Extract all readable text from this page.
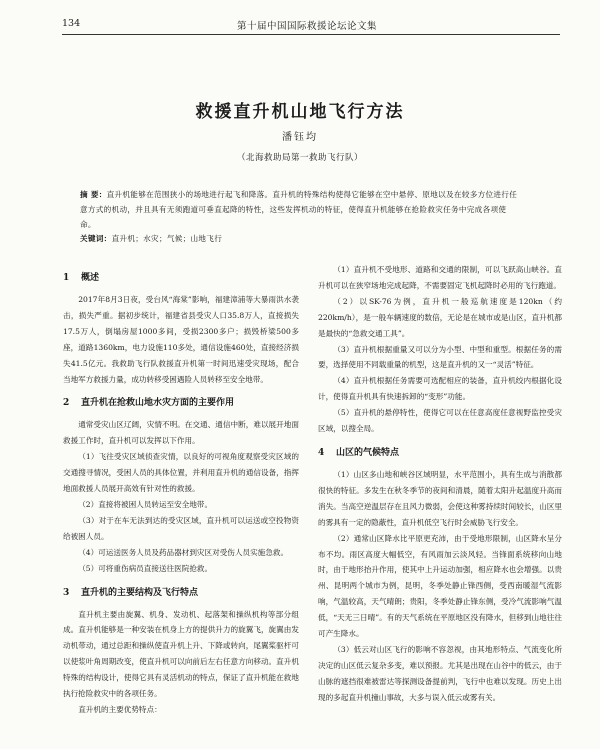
134	第十届中国国际救援论坛论文集
救援直升机山地飞行方法
潘钰均
（北海救助局第一救助飞行队）
摘 要：直升机能够在范围狭小的场地进行起飞和降落。直升机的特殊结构使得它能够在空中悬停、原地以及在较多方位进行任意方式的机动，并且具有无须跑道可垂直起降的特性，这些发挥机动的特征，使得直升机能够在抢险救灾任务中完成各项使命。
关键词：直升机；水灾；气候；山地飞行
1 概述

2017年8月3日夜，受台风“海棠”影响，福建漳浦等大暴雨洪水袭击，损失严重。据初步统计，福建省县受灾人口35.8万人，直接损失17.5万人，倒塌房屋1000多间，受损2300多户；损毁桥梁500多座，道路1360km，电力设施110多处，通信设施460处，直接经济损失41.5亿元。我救助飞行队救援直升机第一时间迅速受灾现场，配合当地军方救援力量，成功转移受困遇险人员转移至安全地带。

2 直升机在抢救山地水灾方面的主要作用

通常受灾山区辽阔，灾情不明。在交通、通信中断，难以展开地面救援工作时，直升机可以发挥以下作用。

（1）飞往受灾区域侦查灾情，以良好的可视角度观察受灾区域的交通搜寻情况，受困人员的具体位置，并利用直升机的通信设备，指挥地面救援人员展开高效有针对性的救援。

（2）直接将被困人员转运至安全地带。

（3）对于在车无法到达的受灾区域，直升机可以运送或空投物资给被困人员。

（4）可运送医务人员及药品器材到灾区对受伤人员实施急救。

（5）可将重伤病员直接送往医院抢救。

3 直升机的主要结构及飞行特点

直升机主要由旋翼、机身、发动机、起落架和操纵机构等部分组成。直升机能够是一种安装在机身上方的提供升力的旋翼飞，旋翼由发动机带动，通过总距和操纵使直升机上升、下降或转向，尾翼桨驱杆可以使浆叶角周期改变，使直升机可以向前后左右任意方向移动。直升机特殊的结构设计，使得它具有灵活机动的特点，保证了直升机能在救地执行抢险救灾中的各项任务。

直升机的主要优势特点：

（1）直升机不受地形、道路和交通的限制，可以飞跃高山峡谷。直升机可以在狭窄场地完成起降，不需要固定飞机起降时必用的飞行跑道。

（2）以SK-76为例，直升机一般巡航速度是120kn（约220km/h），是一般车辆速度的数倍，无论是在城市或是山区，直升机都是最快的“急救交通工具”。

（3）直升机根据重量又可以分为小型、中型和重型。根据任务的需要，选择使用不同载重量的机型，这是直升机的又一“灵活”特征。

（4）直升机根据任务需要可选配相应的装备，直升机绞内根据化设计，使得直升机具有快速拆卸的“变形”功能。

（5）直升机的悬停特性，使得它可以在任意高度任意视野监控受灾区域，以搜全局。

4 山区的气候特点

（1）山区多山地和峡谷区域明显，水平范围小，具有生成与消散都很快的特征。多发生在秋冬季节的夜间和清晨，随着太阳升起温度升高而消失。当高空逆温层存在且风力微弱，会使这种雾持续时间较长，山区里的雾具有一定的隐蔽性，直升机低空飞行时会威胁飞行安全。

（2）通常山区降水比平原更充沛，由于受地形限制，山区降水呈分布不均。雨区高度大幅低空，有风雨加云淡风轻。当锋面系统移向山地时，由于地形抬升作用，使其中上升运动加强，相应降水也会增强。以贵州、昆明两个城市为例，昆明，冬季处静止锋西侧，受西南暖湿气流影响，气温较高，天气晴朗；贵阳，冬季处静止锋东侧，受冷气流影响气温低，“天无三日晴”。有的天气系统在平原地区没有降水，但移到山地往往可产生降水。

（3）低云对山区飞行的影响不容忽视，由其地形特点、气流变化所决定的山区低云复杂多变，难以预报。尤其是出现在山谷中的低云，由于山脉的遮挡很难被雷达等探测设备提前判，飞行中也难以发现。历史上出现的多起直升机撞山事故，大多与误入低云或雾有关。
